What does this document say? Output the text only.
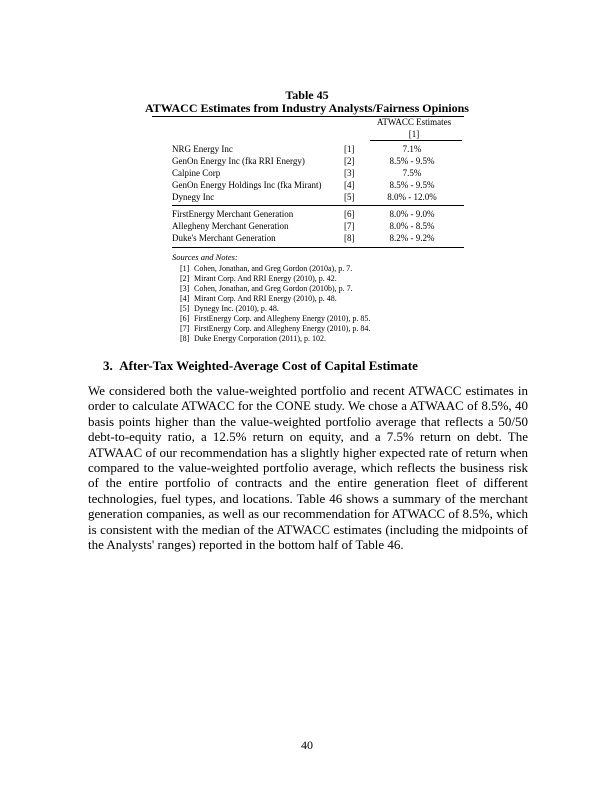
Table 45
ATWACC Estimates from Industry Analysts/Fairness Opinions
ATWACC Estimates
[1]
NRG Energy Inc	[1]	7.1%
GenOn Energy Inc (fka RRI Energy)	[2]	8.5% - 9.5%
Calpine Corp	[3]	7.5%
GenOn Energy Holdings Inc (fka Mirant) [4]	8.5% - 9.5%
Dynegy Inc	[5]	8.0% - 12.0%
FirstEnergy Merchant Generation	[6]	8.0% - 9.0%
Allegheny Merchant Generation	[7]	8.0% - 8.5%
Duke's Merchant Generation	[8]	8.2% - 9.2%
Sources and Notes:
[1] Cohen, Jonathan, and Greg Gordon (2010a), p. 7.
[2] Mirant Corp. And RRI Energy (2010), p. 42.
[3] Cohen, Jonathan, and Greg Gordon (2010b), p. 7.
[4] Mirant Corp. And RRI Energy (2010), p. 48.
[5] Dynegy Inc. (2010), p. 48.
[6] FirstEnergy Corp. and Allegheny Energy (2010), p. 85.
[7] FirstEnergy Corp. and Allegheny Energy (2010), p. 84.
[8] Duke Energy Corporation (2011), p. 102.
3.  After-Tax Weighted-Average Cost of Capital Estimate
We considered both the value-weighted portfolio and recent ATWACC estimates in order to calculate ATWACC for the CONE study. We chose a ATWAAC of 8.5%, 40 basis points higher than the value-weighted portfolio average that reflects a 50/50 debt-to-equity ratio, a 12.5% return on equity, and a 7.5% return on debt. The ATWAAC of our recommendation has a slightly higher expected rate of return when compared to the value-weighted portfolio average, which reflects the business risk of the entire portfolio of contracts and the entire generation fleet of different technologies, fuel types, and locations. Table 46 shows a summary of the merchant generation companies, as well as our recommendation for ATWACC of 8.5%, which is consistent with the median of the ATWACC estimates (including the midpoints of the Analysts' ranges) reported in the bottom half of Table 46.
40
